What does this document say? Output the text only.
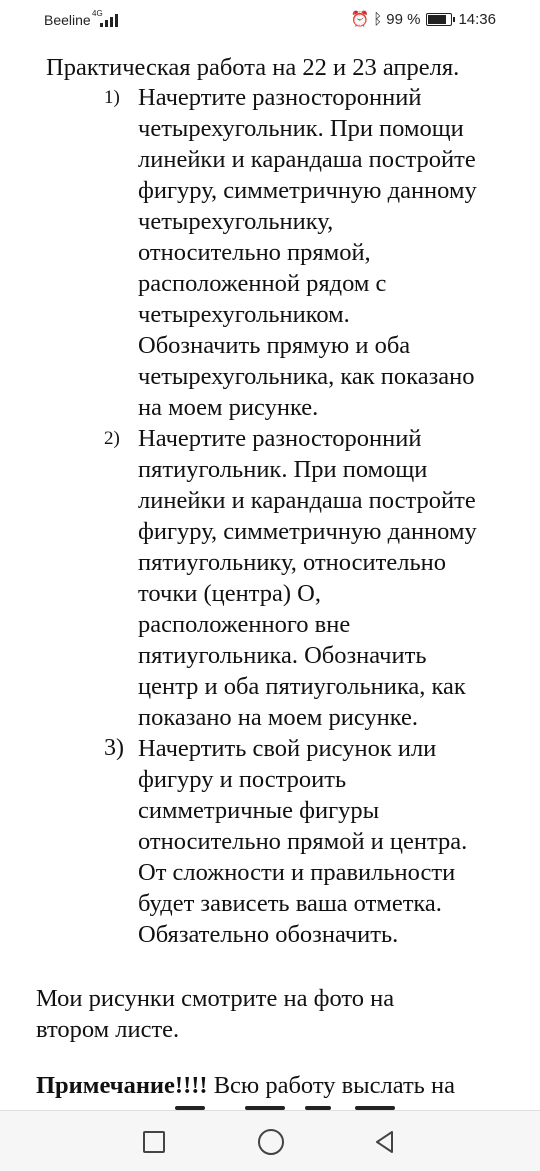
Beeline 4G	⏰ ᛒ 99 %	14:36
Практическая работа на 22 и 23 апреля.
1) Начертите разносторонний
четырехугольник. При помощи
линейки и карандаша постройте
фигуру, симметричную данному
четырехугольнику,
относительно прямой,
расположенной рядом с
четырехугольником.
Обозначить прямую и оба
четырехугольника, как показано
на моем рисунке.
2) Начертите разносторонний
пятиугольник. При помощи
линейки и карандаша постройте
фигуру, симметричную данному
пятиугольнику, относительно
точки (центра) О,
расположенного вне
пятиугольника. Обозначить
центр и оба пятиугольника, как
показано на моем рисунке.
3) Начертить свой рисунок или
фигуру и построить
симметричные фигуры
относительно прямой и центра.
От сложности и правильности
будет зависеть ваша отметка.
Обязательно обозначить.
Мои рисунки смотрите на фото на
втором листе.
Примечание!!!! Всю работу выслать на
